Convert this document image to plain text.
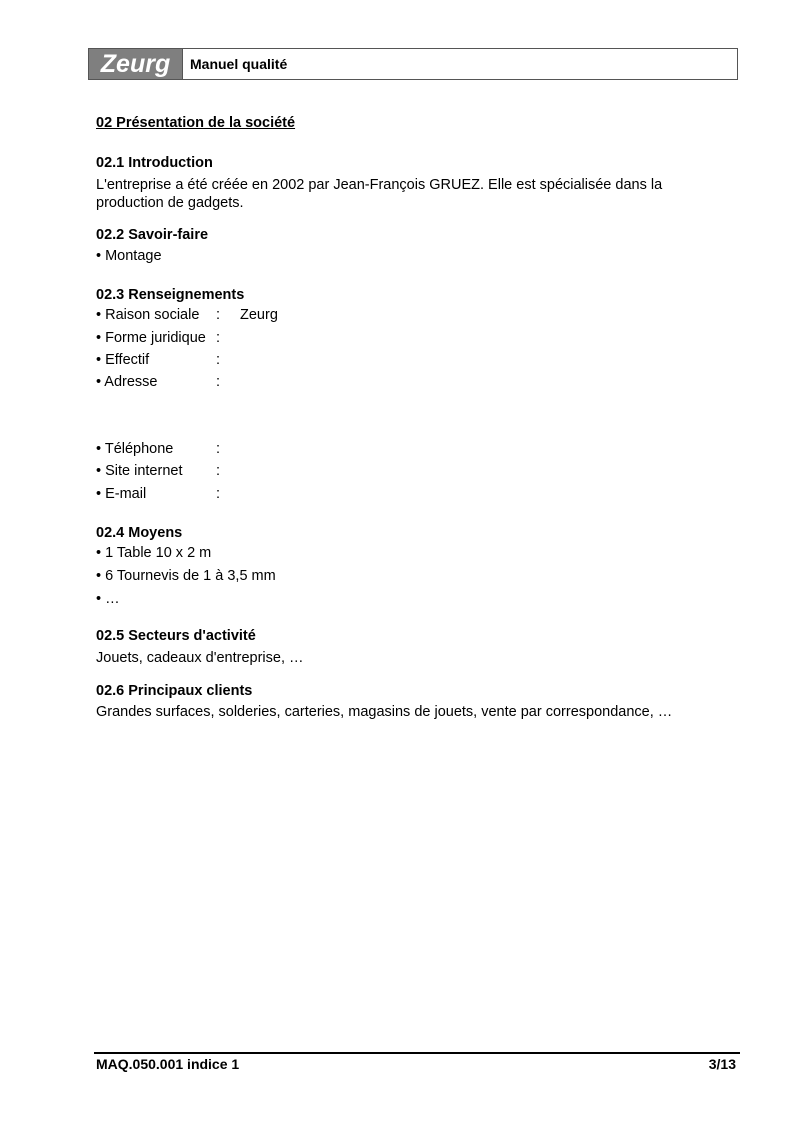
Zeurg	Manuel qualité
02 Présentation de la société
02.1 Introduction
L'entreprise a été créée en 2002 par Jean-François GRUEZ. Elle est spécialisée dans la production de gadgets.
02.2 Savoir-faire
• Montage
02.3 Renseignements
• Raison sociale : Zeurg
• Forme juridique :
• Effectif	:
• Adresse	:
• Téléphone	:
• Site internet :
• E-mail	:
02.4 Moyens
• 1 Table 10 x 2 m
• 6 Tournevis de 1 à 3,5 mm
• …
02.5 Secteurs d'activité
Jouets, cadeaux d'entreprise, …
02.6 Principaux clients
Grandes surfaces, solderies, carteries, magasins de jouets, vente par correspondance, …
MAQ.050.001 indice 1	3/13
